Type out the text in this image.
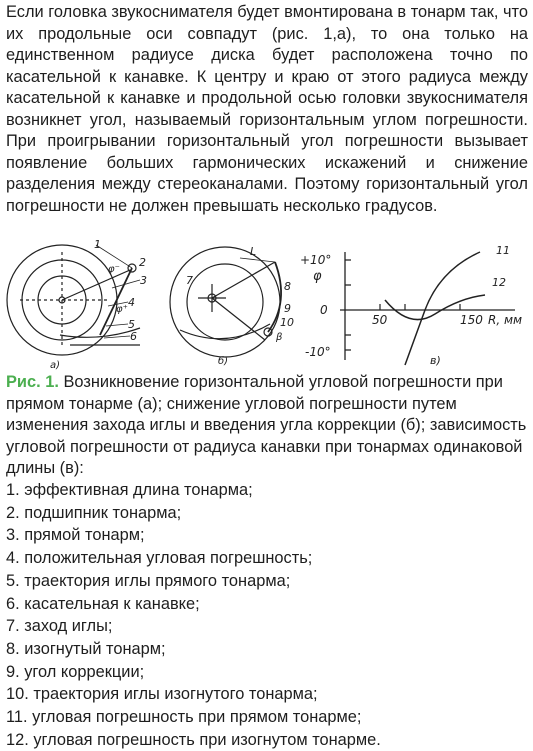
Если головка звукоснимателя будет вмонтирована в тонарм так, что их продольные оси совпадут (рис. 1,а), то она только на единственном радиусе диска будет расположена точно по касательной к канавке. К центру и краю от этого радиуса между касательной к канавке и продольной осью головки звукоснимателя возникнет угол, называемый горизонтальным углом погрешности. При проигрывании горизонтальный угол погрешности вызывает появление больших гармонических искажений и снижение разделения между стереоканалами. Поэтому горизонтальный угол погрешности не должен превышать несколько градусов.

1
2
3
4
5
6
φ⁻
φ⁺
а)
7	8
9
10
L
β
б)
+10°
φ
0
-10°
50	150 R, мм
11
12
в)

Рис. 1. Возникновение горизонтальной угловой погрешности при прямом тонарме (а); снижение угловой погрешности путем изменения захода иглы и введения угла коррекции (б); зависимость угловой погрешности от радиуса канавки при тонармах одинаковой длины (в):

1. эффективная длина тонарма;
2. подшипник тонарма;
3. прямой тонарм;
4. положительная угловая погрешность;
5. траектория иглы прямого тонарма;
6. касательная к канавке;
7. заход иглы;
8. изогнутый тонарм;
9. угол коррекции;
10. траектория иглы изогнутого тонарма;
11. угловая погрешность при прямом тонарме;
12. угловая погрешность при изогнутом тонарме.
